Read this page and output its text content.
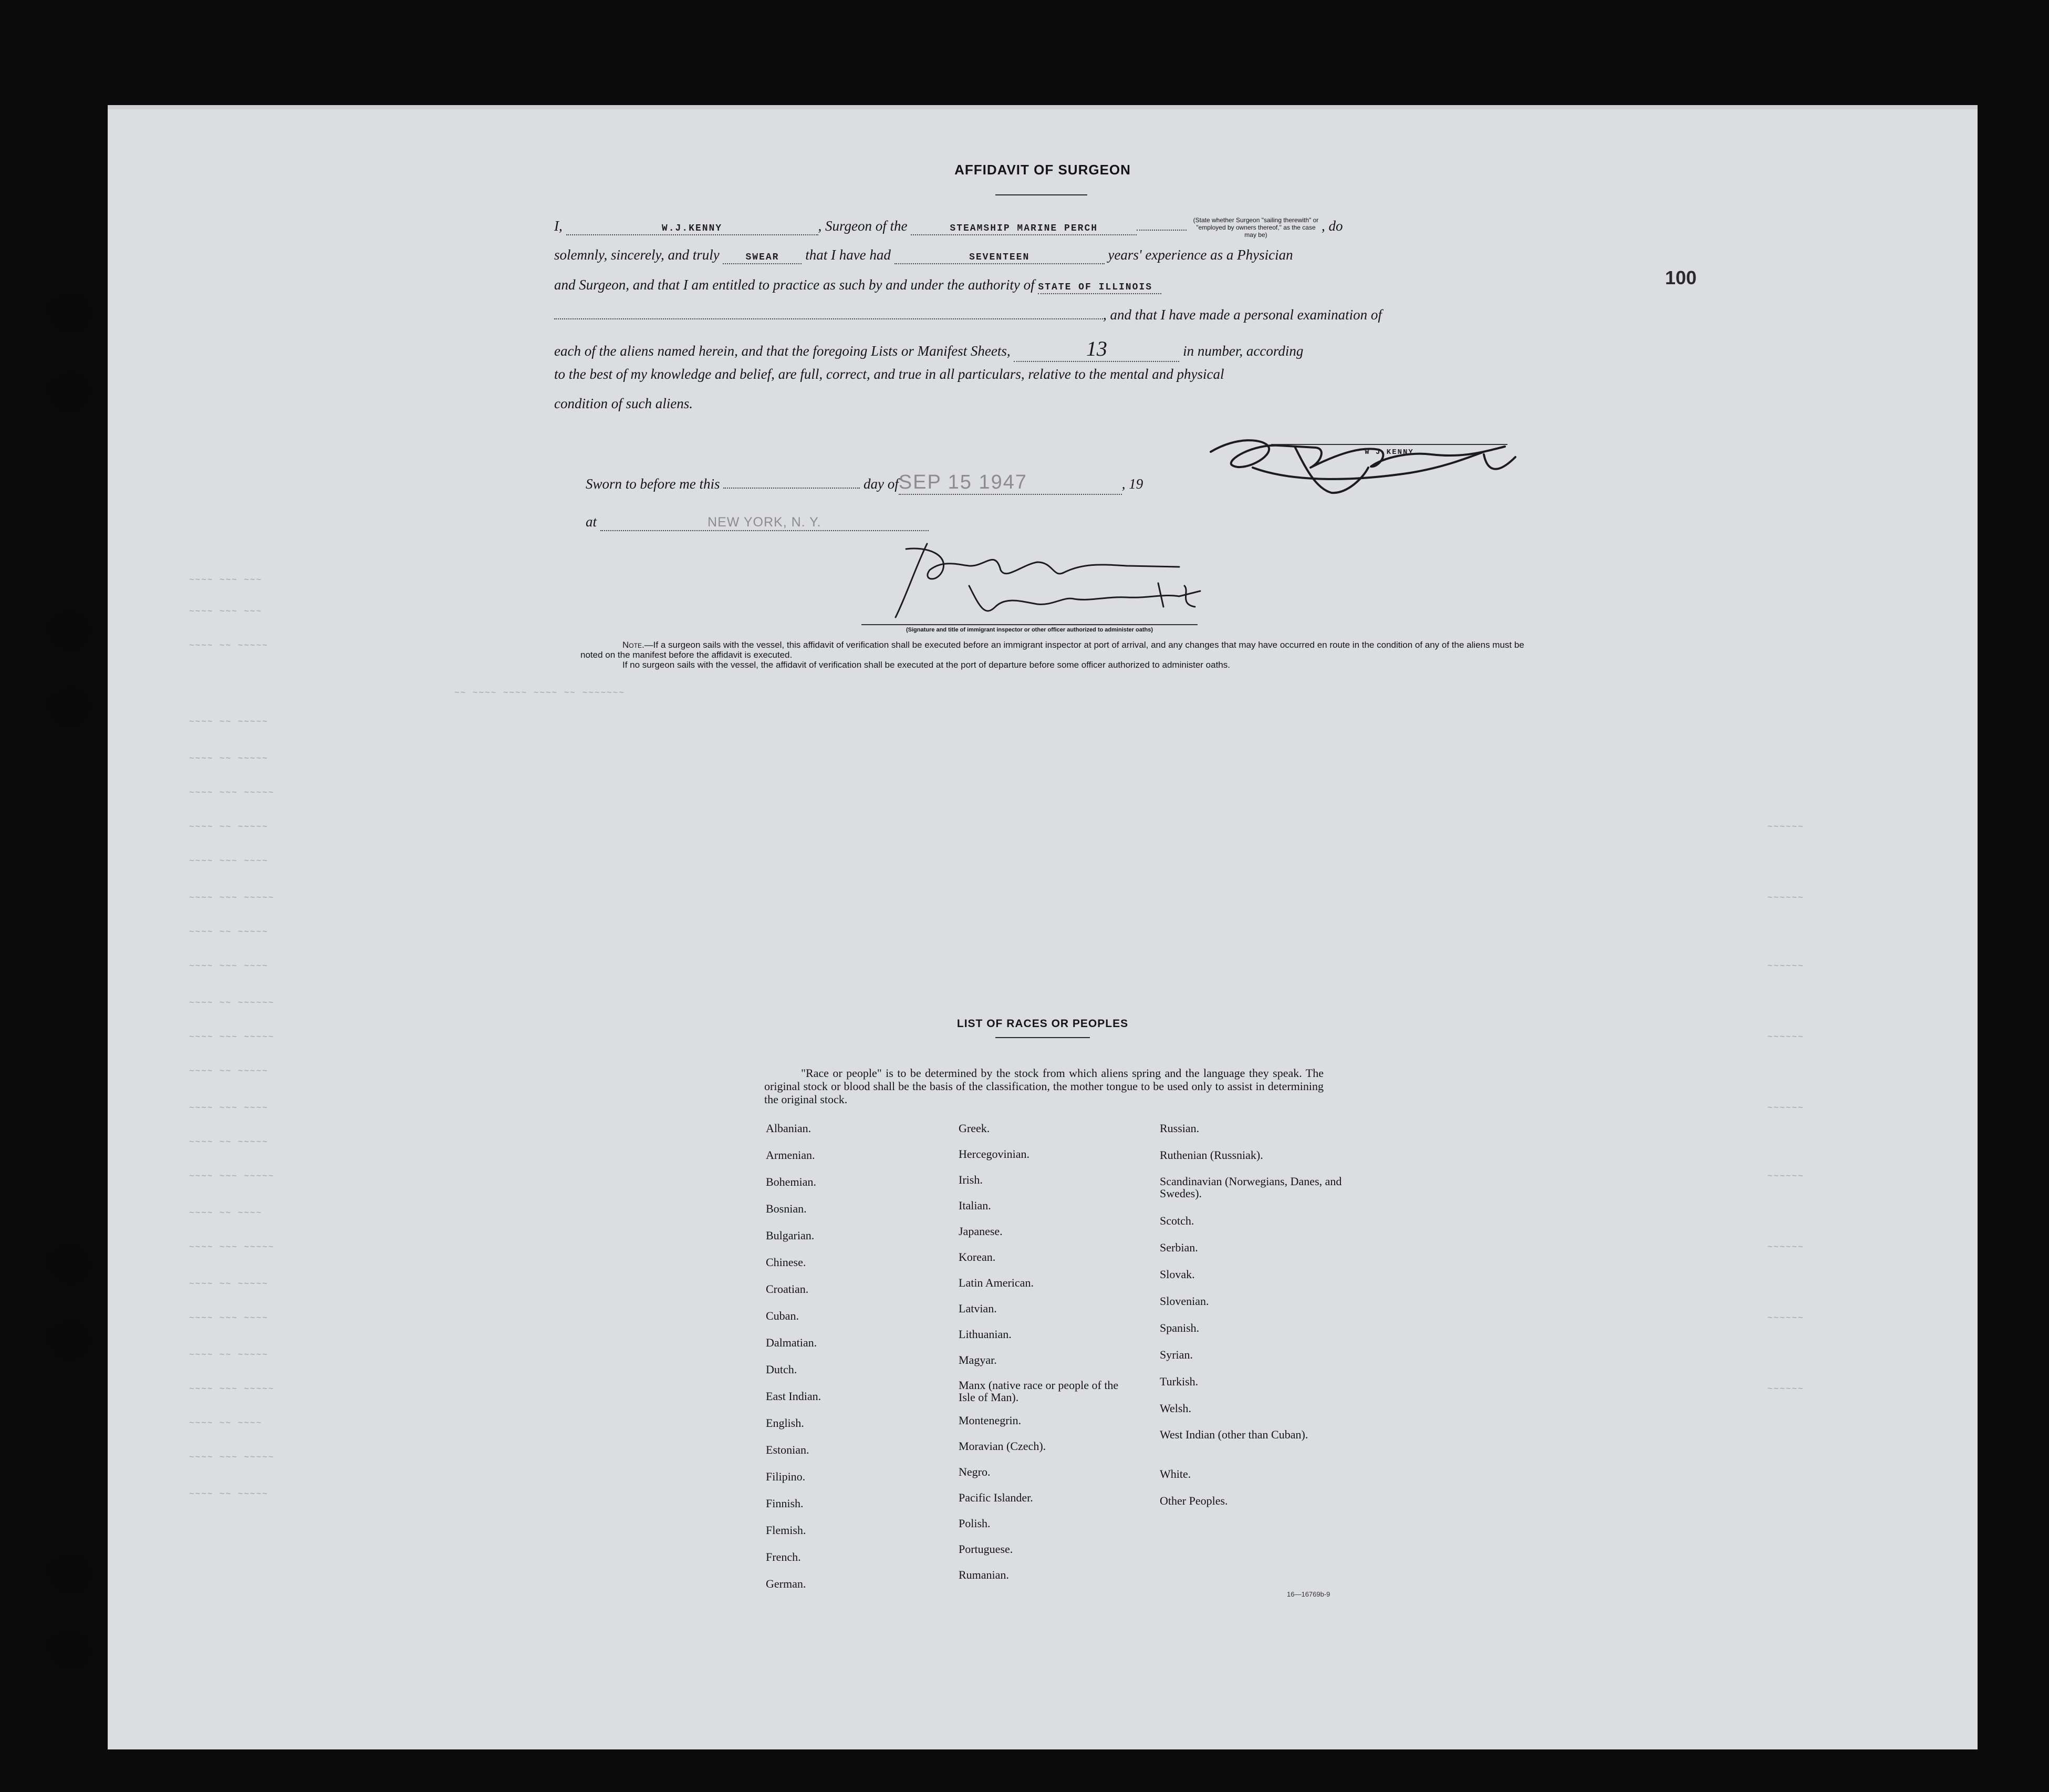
~~~~ ~~~ ~~~
~~~~ ~~~ ~~~
~~~~ ~~ ~~~~~
~~ ~~~~ ~~~~ ~~~~ ~~ ~~~~~~~
~~~~ ~~ ~~~~~
~~~~ ~~ ~~~~~
~~~~ ~~~ ~~~~~
~~~~ ~~ ~~~~~
~~~~ ~~~ ~~~~
~~~~ ~~~ ~~~~~
~~~~ ~~ ~~~~~
~~~~ ~~~ ~~~~
~~~~ ~~ ~~~~~~
~~~~ ~~~ ~~~~~
~~~~ ~~ ~~~~~
~~~~ ~~~ ~~~~
~~~~ ~~ ~~~~~
~~~~ ~~~ ~~~~~
~~~~ ~~ ~~~~
~~~~ ~~~ ~~~~~
~~~~ ~~ ~~~~~
~~~~ ~~~ ~~~~
~~~~ ~~ ~~~~~
~~~~ ~~~ ~~~~~
~~~~ ~~ ~~~~
~~~~ ~~~ ~~~~~
~~~~ ~~ ~~~~~
~~~~~~
~~~~~~
~~~~~~
~~~~~~
~~~~~~
~~~~~~
~~~~~~
~~~~~~
~~~~~~
100
AFFIDAVIT OF SURGEON
I,	W.J.KENNY	, Surgeon of the	STEAMSHIP MARINE PERCH (State whether Surgeon "sailing therewith" or "employed by owners thereof," as the case may be), do
solemnly, sincerely, and truly	SWEAR that I have had	SEVENTEEN	years' experience as a Physician
and Surgeon, and that I am entitled to practice as such by and under the authority of STATE OF ILLINOIS
, and that I have made a personal examination of
each of the aliens named herein, and that the foregoing Lists or Manifest Sheets,	13	in number, according
to the best of my knowledge and belief, are full, correct, and true in all particulars, relative to the mental and physical
condition of such aliens.
W J KENNY
Sworn to before me this	day ofSEP 15 1947	, 19
at	NEW YORK, N. Y.
(Signature and title of immigrant inspector or other officer authorized to administer oaths)
Note.—If a surgeon sails with the vessel, this affidavit of verification shall be executed before an immigrant inspector at port of arrival, and any changes that may have occurred en route in the condition of any of the aliens must be noted on the manifest before the affidavit is executed.
If no surgeon sails with the vessel, the affidavit of verification shall be executed at the port of departure before some officer authorized to administer oaths.
LIST OF RACES OR PEOPLES
"Race or people" is to be determined by the stock from which aliens spring and the language they speak. The original stock or blood shall be the basis of the classification, the mother tongue to be used only to assist in determining the original stock.
Albanian.
Armenian.
Bohemian.
Bosnian.
Bulgarian.
Chinese.
Croatian.
Cuban.
Dalmatian.
Dutch.
East Indian.
English.
Estonian.
Filipino.
Finnish.
Flemish.
French.
German.
Greek.
Hercegovinian.
Irish.
Italian.
Japanese.
Korean.
Latin American.
Latvian.
Lithuanian.
Magyar.
Manx (native race or people of the Isle of Man).
Montenegrin.
Moravian (Czech).
Negro.
Pacific Islander.
Polish.
Portuguese.
Rumanian.
Russian.
Ruthenian (Russniak).
Scandinavian (Norwegians, Danes, and Swedes).
Scotch.
Serbian.
Slovak.
Slovenian.
Spanish.
Syrian.
Turkish.
Welsh.
West Indian (other than Cuban).
White.
Other Peoples.
16—16769b-9
